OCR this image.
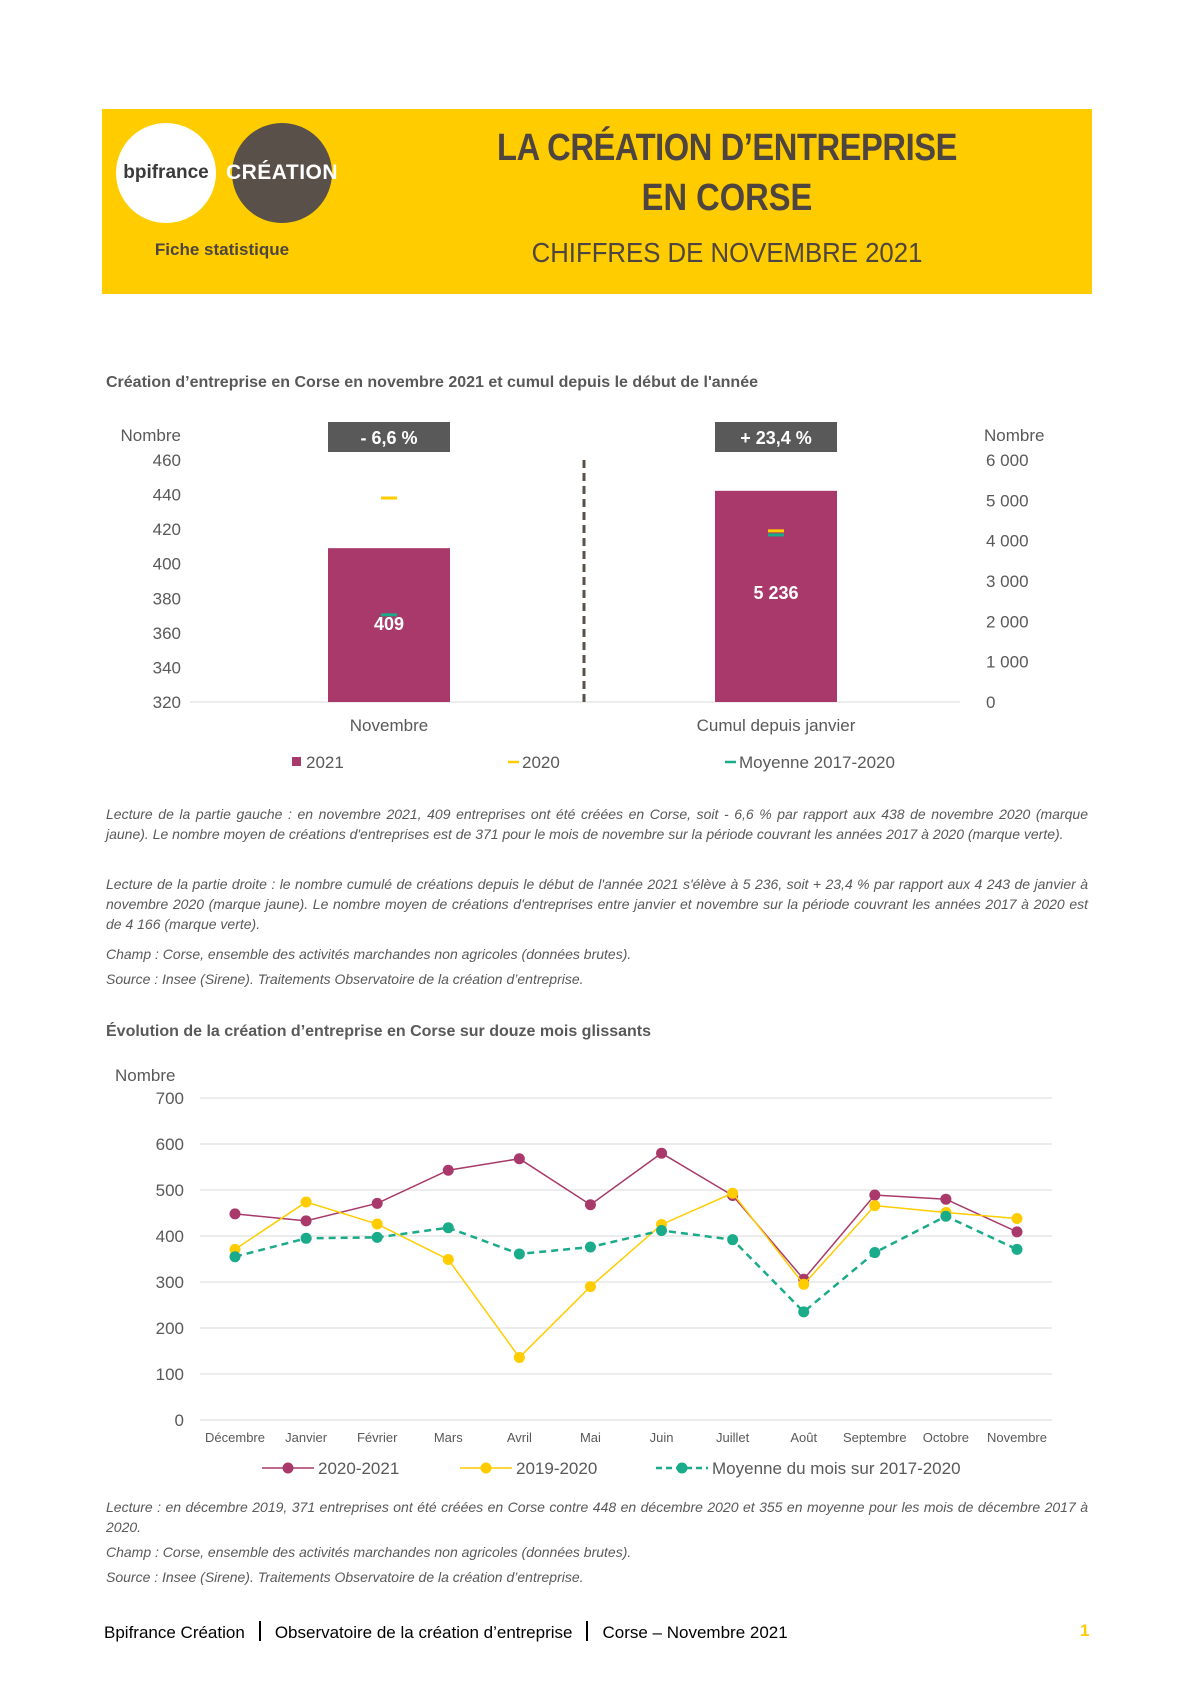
bpifrance CRÉATION
Fiche statistique
LA CRÉATION D’ENTREPRISE
EN CORSE
CHIFFRES DE NOVEMBRE 2021
Création d’entreprise en Corse en novembre 2021 et cumul depuis le début de l'année
Nombre
320
340
360
380
400
420
440
460
Nombre
0
1 000
2 000
3 000
4 000
5 000
6 000
409
Novembre
- 6,6 %
5 236
Cumul depuis janvier
+ 23,4 %
2021	2020	Moyenne 2017-2020
Lecture de la partie gauche : en novembre 2021, 409 entreprises ont été créées en Corse, soit - 6,6 % par rapport aux 438 de novembre 2020 (marque jaune). Le nombre moyen de créations d'entreprises est de 371 pour le mois de novembre sur la période couvrant les années 2017 à 2020 (marque verte).
Lecture de la partie droite : le nombre cumulé de créations depuis le début de l'année 2021 s'élève à 5 236, soit + 23,4 % par rapport aux 4 243 de janvier à novembre 2020 (marque jaune). Le nombre moyen de créations d'entreprises entre janvier et novembre sur la période couvrant les années 2017 à 2020 est de 4 166 (marque verte).
Champ : Corse, ensemble des activités marchandes non agricoles (données brutes).
Source : Insee (Sirene). Traitements Observatoire de la création d’entreprise.
Évolution de la création d’entreprise en Corse sur douze mois glissants
Nombre
0
100
200
300
400
500
600
700
Décembre Janvier Février	Mars	Avril	Mai	Juin	Juillet	Août Septembre Octobre Novembre
2020-2021	2019-2020	Moyenne du mois sur 2017-2020
Lecture : en décembre 2019, 371 entreprises ont été créées en Corse contre 448 en décembre 2020 et 355 en moyenne pour les mois de décembre 2017 à 2020.
Champ : Corse, ensemble des activités marchandes non agricoles (données brutes).
Source : Insee (Sirene). Traitements Observatoire de la création d’entreprise.
Bpifrance Création Observatoire de la création d’entreprise Corse – Novembre 2021	1
